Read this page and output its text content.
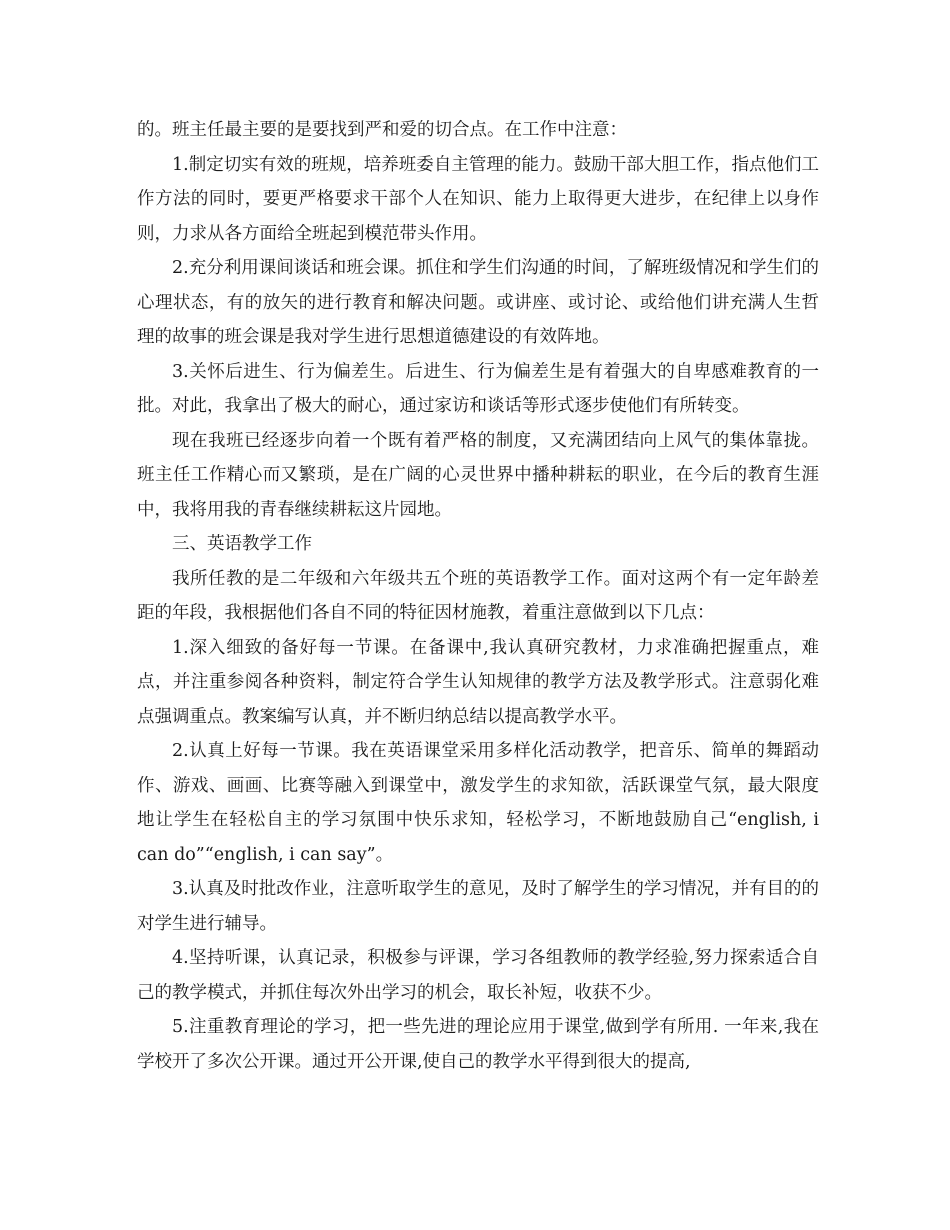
的。班主任最主要的是要找到严和爱的切合点。在工作中注意：

1.制定切实有效的班规，培养班委自主管理的能力。鼓励干部大胆工作，指点他们工作方法的同时，要更严格要求干部个人在知识、能力上取得更大进步，在纪律上以身作则，力求从各方面给全班起到模范带头作用。

2.充分利用课间谈话和班会课。抓住和学生们沟通的时间，了解班级情况和学生们的心理状态，有的放矢的进行教育和解决问题。或讲座、或讨论、或给他们讲充满人生哲理的故事的班会课是我对学生进行思想道德建设的有效阵地。

3.关怀后进生、行为偏差生。后进生、行为偏差生是有着强大的自卑感难教育的一批。对此，我拿出了极大的耐心，通过家访和谈话等形式逐步使他们有所转变。

现在我班已经逐步向着一个既有着严格的制度，又充满团结向上风气的集体靠拢。班主任工作精心而又繁琐，是在广阔的心灵世界中播种耕耘的职业，在今后的教育生涯中，我将用我的青春继续耕耘这片园地。

三、英语教学工作

我所任教的是二年级和六年级共五个班的英语教学工作。面对这两个有一定年龄差距的年段，我根据他们各自不同的特征因材施教，着重注意做到以下几点：

1.深入细致的备好每一节课。在备课中,我认真研究教材，力求准确把握重点，难点，并注重参阅各种资料，制定符合学生认知规律的教学方法及教学形式。注意弱化难点强调重点。教案编写认真，并不断归纳总结以提高教学水平。

2.认真上好每一节课。我在英语课堂采用多样化活动教学，把音乐、简单的舞蹈动作、游戏、画画、比赛等融入到课堂中，激发学生的求知欲，活跃课堂气氛，最大限度地让学生在轻松自主的学习氛围中快乐求知，轻松学习，不断地鼓励自己“english, i can do”“english, i can say”。

3.认真及时批改作业，注意听取学生的意见，及时了解学生的学习情况，并有目的的对学生进行辅导。

4.坚持听课，认真记录，积极参与评课，学习各组教师的教学经验,努力探索适合自己的教学模式，并抓住每次外出学习的机会，取长补短，收获不少。

5.注重教育理论的学习，把一些先进的理论应用于课堂,做到学有所用. 一年来,我在学校开了多次公开课。通过开公开课,使自己的教学水平得到很大的提高,
